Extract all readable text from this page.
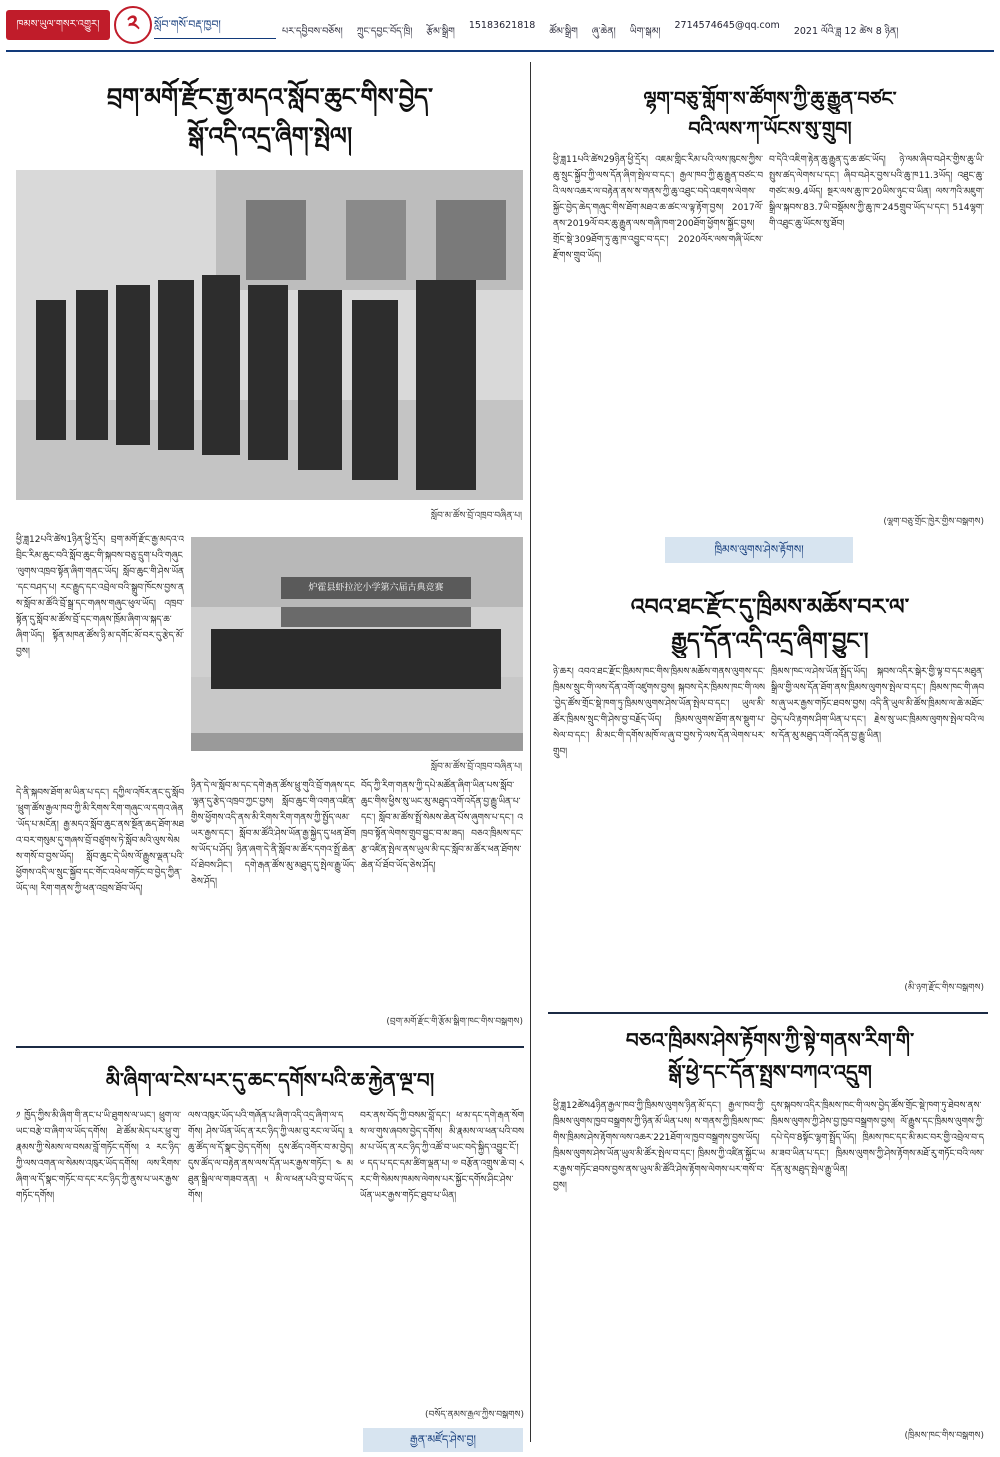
ཁམས་ཡུལ་གསར་འགྱུར།	༢	སློབ་གསོ་བརྡ་ཁྱབ།
པར་དབྱིབས་བཅོས། ཀྲུང་དབྱང་བོད་ཁྲི། རྩོམ་སྒྲིག
15183621818
ཚོམ་སྒྲིག ཞུ་ཆེན། ཡིག་སྒམ།
2714574645@qq.com
2021 ལོའི་ཟླ 12 ཚེས 8 ཉིན།
བྲག་མགོ་རྫོང་རྒྱ་མདའ་སློབ་ཆུང་གིས་བྱེད་
སྒོ་འདི་འདྲ་ཞིག་སྤེལ།
སློབ་མ་ཚོས་བྲོ་འཁྲབ་བཞིན་པ།
ཕྱི་ཟླ12པའི་ཚེས1ཉིན་ཕྱི་དྲོར། བྲག་མགོ་རྫོང་རྒྱ་མདའ་འབྲིང་རིམ་ཆུང་བའི་སློབ་ཆུང་གི་སྐབས་བཅུ་དྲུག་པའི་གཞུང་ལུགས་འཁྲབ་སྟོན་ཞིག་གནང་ཡོད། སློབ་ཆུང་གི་ཤེས་ཡོན་དང་བཤད་པ། རང་རྒྱུད་དང་འབྲེལ་བའི་སྒྲུབ་ཁོངས་བྱས་ནས་སློབ་མ་ཚོའི་བྲོ་སྒྲ་དང་གཞས་གཞུང་ཕུལ་ཡོད། འཁྲབ་སྟོན་དུ་སློབ་མ་ཚོས་བྲོ་དང་གཞས་ཁྲོམ་ཞིག་ལ་སྐད་ཆ་ཞིག་ཡོད། སྟོན་མཁན་ཚོས་ཉི་མ་དགོང་མོ་བར་དུ་རྩེད་མོ་བྱས།
炉霍县虾拉沱小学第六届古典竞赛
སློབ་མ་ཚོས་བྲོ་འཁྲབ་བཞིན་པ།
དེ་ནི་སྐབས་ཐོག་མ་ཡིན་པ་དང་། དཀྱིལ་འཁོར་ནང་དུ་སློབ་ཕྲུག་ཚོས་རྒྱལ་ཁབ་ཀྱི་མི་རིགས་རིག་གཞུང་ལ་དགའ་ཞེན་ཡོད་པ་མངོན། རྒྱ་མདའ་སློབ་ཆུང་ནས་སྔོན་ཆད་ཐོག་མཐའ་བར་གསུམ་དུ་གཞས་བྲོ་བཙུགས་ཏེ་སློབ་མའི་ལུས་སེམས་གསོ་བ་བྱས་ཡོད། སློབ་ཆུང་དེ་ཡིས་ལོ་རྒྱུས་ལྡན་པའི་ཕྱོགས་འདི་ལ་སྲུང་སྐྱོབ་དང་གོང་འཕེལ་གཏོང་བ་བྱེད་ཀྱིན་ཡོད་ལ། རིག་གནས་ཀྱི་ཕན་འབྲས་ཐོབ་ཡོད།
ཉིན་དེ་ལ་སློབ་མ་དང་དགེ་རྒན་ཚོས་ཕྲུ་གུའི་བྲོ་གཞས་དང་ལྷན་དུ་རྩེད་འཁྲབ་ཀྱང་བྱས། སློབ་ཆུང་གི་འགན་འཛིན་གྱིས་ཕྱོགས་འདི་ནས་མི་རིགས་རིག་གནས་ཀྱི་སྤྱོད་ལམ་ཡར་རྒྱས་དང་། སློབ་མ་ཚོའི་ཤེས་ཡོན་རྒྱ་སྐྱེད་དུ་ཕན་ཐོགས་ཡོད་པ་ཤོད། ཉིན་ཞག་དེ་ནི་སློབ་མ་ཚོར་དགའ་སྤྲོ་ཆེན་པོ་ཐེབས་ཤིང་། དགེ་རྒན་ཚོས་མུ་མཐུད་དུ་སྤེལ་རྒྱུ་ཡོད་ཅེས་ཤོད།
བོད་ཀྱི་རིག་གནས་ཀྱི་དཔེ་མཚོན་ཞིག་ཡིན་པས་སློབ་ཆུང་གིས་ཕྱིས་སུ་ཡང་མུ་མཐུད་འགོ་འདོན་བྱ་རྒྱུ་ཡིན་པ་དང་། སློབ་མ་ཚོས་སྤྲོ་སེམས་ཆེན་པོས་ཞུགས་པ་དང་། འཁྲབ་སྟོན་ལེགས་གྲུབ་བྱུང་བ་མ་ཟད། བཅའ་ཁྲིམས་དང་རྩ་འཛིན་སྤེལ་ནས་ཡུལ་མི་དང་སློབ་མ་ཚོར་ཕན་ཐོགས་ཆེན་པོ་ཐོབ་ཡོད་ཅེས་ཤོད།
(བྲག་མགོ་རྫོང་གི་རྩོམ་སྒྲིག་ཁང་གིས་བསྒྲགས)
ལྷག་བཅུ་གློག་ས་ཚོགས་ཀྱི་ཆུ་རྒྱུན་བཙང་
བའི་ལས་ཀ་ཡོངས་སུ་གྲུབ།
ཕྱི་ཟླ11པའི་ཚེས29ཉིན་ཕྱི་དྲོར། འཇམ་གླིང་རིམ་པའི་ལས་ཁུངས་ཀྱིས་ཆུ་སྲུང་སྐྱོབ་ཀྱི་ལས་དོན་ཞིག་སྤེལ་བ་དང་། རྒྱལ་ཁབ་ཀྱི་ཆུ་རྒྱུན་བཙང་བའི་ལས་འཆར་ལ་བརྟེན་ནས་ས་གནས་ཀྱི་ཆུ་འཐུང་བདེ་འཇགས་ལེགས་སྐྱོང་བྱེད་ཆེད་གཞུང་གིས་ཐོག་མཐའ་ཆ་ཚང་ལ་ལྟ་རྟོག་བྱས། 2017ལོ་ནས་2019ལོ་བར་ཆུ་རྒྱུན་ལས་གཞི་ཁག་200ཐོག་ཕྱོགས་སྐྱོང་བྱས། གྲོང་སྡེ་309ཐོག་ཏུ་ཆུ་ཁ་འབྱུང་བ་དང་། 2020ལོར་ལས་གཞི་ཡོངས་རྫོགས་གྲུབ་ཡོད།
བ་དེའི་འཇིག་རྟེན་ཆུ་རྒྱུན་དུ་ཆ་ཚང་ཡོད། ཉེ་ལམ་ཞིབ་བཤེར་གྱིས་ཆུ་ཡི་སྤུས་ཚད་ལེགས་པ་དང་། ཞིབ་བཤེར་བྱས་པའི་ཆུ་ཁ11.3ཡོད། འཐུང་ཆུ་གཙང་མ9.4ཡོད། སྔར་ལས་ཆུ་ཁ་20ཡིས་ཉུང་བ་ཡིན། ལས་ཀའི་མཇུག་སྒྲིལ་སྐབས་83.7ཡི་བསྡོམས་ཀྱི་ཆུ་ཁ་245གྲུབ་ཡོད་པ་དང་། 514ལྷག་གི་འཐུང་ཆུ་ཡོངས་སུ་ཐོབ།
(ལྷག་བཅུ་གྲོང་ཁྱེར་གྱིས་བསྒྲགས)
ཁྲིམས་ལུགས་ཤེས་རྟོགས།
འབའ་ཐང་རྫོང་དུ་ཁྲིམས་མཆོས་བར་ལ་
རྒྱུད་དོན་འདི་འདྲ་ཞིག་བྱུང་།
ཉེ་ཆར། འབའ་ཐང་རྫོང་ཁྲིམས་ཁང་གིས་ཁྲིམས་མཆོས་གནས་ལུགས་དང་ཁྲིམས་སྲུང་གི་ལས་དོན་འགོ་འཛུགས་བྱས། སྐབས་དེར་ཁྲིམས་ཁང་གི་ལས་བྱེད་ཚོས་གྲོང་སྡེ་ཁག་ཏུ་ཁྲིམས་ལུགས་ཤེས་ཡོན་སྤེལ་བ་དང་། ཡུལ་མི་ཚོར་ཁྲིམས་སྲུང་གི་ཤེས་བྱ་བརྗོད་ཡོད། ཁྲིམས་ལུགས་ཐོག་ནས་སྡུག་པ་སེལ་བ་དང་། མི་མང་གི་དགོས་མཁོ་ལ་ཞུ་བ་བྱས་ཏེ་ལས་དོན་ལེགས་པར་གྲུབ།
ཁྲིམས་ཁང་ལ་ཤེས་ཡོན་སྤྲོད་ཡོད། སྐབས་འདིར་སྒེར་གྱི་ལྟ་བ་དང་མཐུན་སྒྲིལ་གྱི་ལས་དོན་ཐོག་ནས་ཁྲིམས་ལུགས་སྤེལ་བ་དང་། ཁྲིམས་ཁང་གི་ཞབས་ཞུ་ཡར་རྒྱས་གཏོང་ཐབས་བྱས། འདི་ནི་ཡུལ་མི་ཚོས་ཁྲིམས་ལ་ཆེ་མཐོང་བྱེད་པའི་རྟགས་ཤིག་ཡིན་པ་དང་། རྗེས་སུ་ཡང་ཁྲིམས་ལུགས་སྤེལ་བའི་ལས་དོན་མུ་མཐུད་འགོ་འདོན་བྱ་རྒྱུ་ཡིན།
(མི་ཉག་རྫོང་གིས་བསྒྲགས)
མི་ཞིག་ལ་ངེས་པར་དུ་ཆང་དགོས་པའི་ཆ་རྐྱེན་ལྔ་བ།
༡ ཁྱོད་ཀྱིས་མི་ཞིག་གི་ནང་པ་ཡི་ཐུགས་ལ་ཡང་། ཕྲུག་ལ་ཡང་བརྩེ་བ་ཞིག་ལ་ཡོད་དགོས། ཐེ་ཚོམ་མེད་པར་ཕྲུ་གུ་རྣམས་ཀྱི་སེམས་ལ་བསམ་བློ་གཏོང་དགོས། ༢ རང་ཉིད་ཀྱི་ལས་འགན་ལ་སེམས་འཁུར་ཡོད་དགོས། ལས་རིགས་ཞིག་ལ་དོ་སྣང་གཏོང་བ་དང་རང་ཉིད་ཀྱི་ནུས་པ་ཡར་རྒྱས་གཏོང་དགོས།
ལས་འཁུར་ཡོད་པའི་གཞོན་པ་ཞིག་འདི་འདྲ་ཞིག་ལ་དགོས། ཤེས་ཡོན་ཡོད་ན་རང་ཉིད་ཀྱི་ལམ་བུ་རང་ལ་ཡོད། ༣ ཆུ་ཚོད་ལ་དོ་སྣང་བྱེད་དགོས། དུས་ཚོད་འགོར་བ་མ་བྱེད། དུས་ཚོད་ལ་བརྟེན་ནས་ལས་དོན་ཡར་རྒྱས་གཏོང་། ༤ མཐུན་སྒྲིལ་ལ་གཟབ་ནན། ༥ མི་ལ་ཕན་པའི་བྱ་བ་ཡོད་དགོས།
བར་ནས་བོད་ཀྱི་བསམ་བློ་དང་། ཕ་མ་དང་དགེ་རྒན་སོགས་ལ་གུས་ཞབས་བྱེད་དགོས། མི་རྣམས་ལ་ཕན་པའི་བསམ་པ་ཡོད་ན་རང་ཉིད་ཀྱི་འཚོ་བ་ཡང་བདེ་སྐྱིད་འབྱུང་ངོ་། ༦ དད་པ་དང་དམ་ཚིག་ལྡན་པ། ༧ བརྩོན་འགྲུས་ཆེ་བ། ༨ རང་གི་སེམས་ཁམས་ལེགས་པར་སྐྱོང་དགོས་ཤིང་ཤེས་ཡོན་ཡར་རྒྱས་གཏོང་ཐུབ་པ་ཡིན།
(བསོད་ནམས་རྒྱལ་ཀྱིས་བསྒྲགས)
རྒྱན་མཛོད་ཤེས་བྱ།
བཅའ་ཁྲིམས་ཤེས་རྟོགས་ཀྱི་སྟེ་གནས་རིག་གི་
སྒོ་ཕྱེ་དང་དོན་སྤྲས་བཀའ་འདྲུག
ཕྱི་ཟླ12ཚེས4ཉིན་རྒྱལ་ཁབ་ཀྱི་ཁྲིམས་ལུགས་ཉིན་མོ་དང་། རྒྱལ་ཁབ་ཀྱི་ཁྲིམས་ལུགས་ཁྱབ་བསྒྲགས་ཀྱི་ཉིན་མོ་ཡིན་པས། ས་གནས་ཀྱི་ཁྲིམས་ཁང་གིས་ཁྲིམས་ཤེས་རྟོགས་ལས་འཆར་221ཐོག་ལ་ཁྱབ་བསྒྲགས་བྱས་ཡོད། ཁྲིམས་ལུགས་ཤེས་ཡོན་ཡུལ་མི་ཚོར་སྤེལ་བ་དང་། ཁྲིམས་ཀྱི་འཛིན་སྐྱོང་ཡར་རྒྱས་གཏོང་ཐབས་བྱས་ནས་ཡུལ་མི་ཚོའི་ཤེས་རྟོགས་ལེགས་པར་གསོ་བ་བྱས།
དུས་སྐབས་འདིར་ཁྲིམས་ཁང་གི་ལས་བྱེད་ཚོས་གྲོང་སྡེ་ཁག་ཏུ་ཐེབས་ནས་ཁྲིམས་ལུགས་ཀྱི་ཤེས་བྱ་ཁྱབ་བསྒྲགས་བྱས། ལོ་རྒྱུས་དང་ཁྲིམས་ལུགས་ཀྱི་དཔེ་དེབ་8སྟོང་ལྷག་སྤྲོད་ཡོད། ཁྲིམས་ཁང་དང་མི་མང་བར་གྱི་འབྲེལ་བ་དམ་ཟབ་ཡིན་པ་དང་། ཁྲིམས་ལུགས་ཀྱི་ཤེས་རྟོགས་མཐོ་རུ་གཏོང་བའི་ལས་དོན་མུ་མཐུད་སྤེལ་རྒྱུ་ཡིན།
(ཁྲིམས་ཁང་གིས་བསྒྲགས)
